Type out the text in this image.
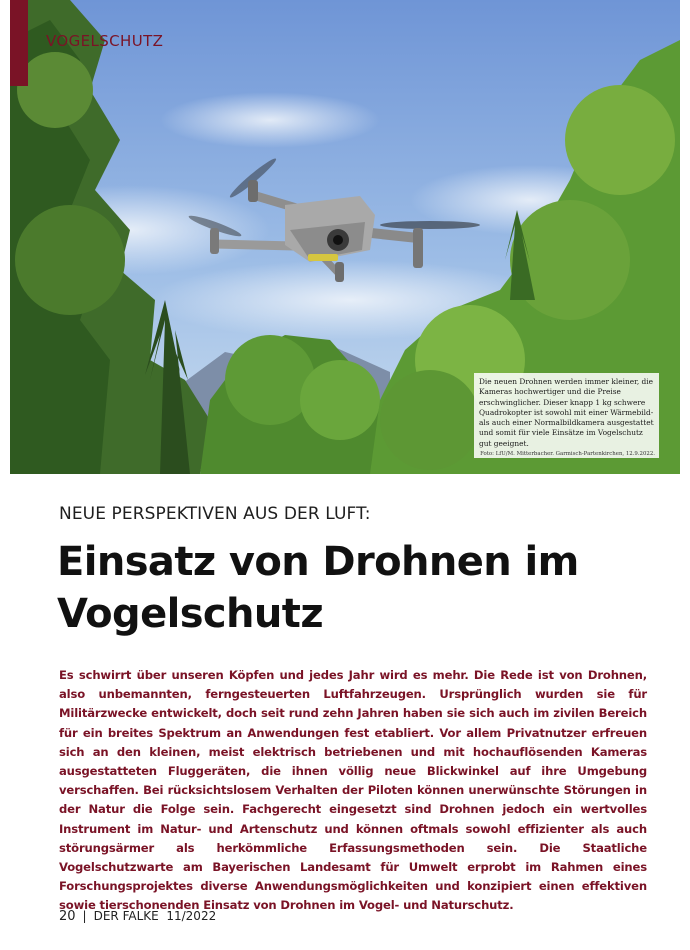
VOGELSCHUTZ
Die neuen Drohnen werden immer kleiner, die Kameras hochwertiger und die Preise erschwinglicher. Dieser knapp 1 kg schwere Quadrokopter ist sowohl mit einer Wärmebild- als auch einer Normalbildkamera ausgestattet und somit für viele Einsätze im Vogelschutz gut geeignet.
Foto: LfU/M. Mitterbacher. Garmisch-Partenkirchen, 12.9.2022.
NEUE PERSPEKTIVEN AUS DER LUFT:
Einsatz von Drohnen im Vogelschutz
Es schwirrt über unseren Köpfen und jedes Jahr wird es mehr. Die Rede ist von Drohnen, also unbemannten, ferngesteuerten Luftfahrzeugen. Ursprünglich wurden sie für Militärzwecke entwickelt, doch seit rund zehn Jahren haben sie sich auch im zivilen Bereich für ein breites Spektrum an Anwendungen fest etabliert. Vor allem Privatnutzer erfreuen sich an den kleinen, meist elektrisch betriebenen und mit hochauflösenden Kameras ausgestatteten Fluggeräten, die ihnen völlig neue Blickwinkel auf ihre Umgebung verschaffen. Bei rücksichtslosem Verhalten der Piloten können unerwünschte Störungen in der Natur die Folge sein. Fachgerecht eingesetzt sind Drohnen jedoch ein wertvolles Instrument im Natur- und Artenschutz und können oftmals sowohl effizienter als auch störungsärmer als herkömmliche Erfassungsmethoden sein. Die Staatliche Vogelschutzwarte am Bayerischen Landesamt für Umwelt erprobt im Rahmen eines Forschungsprojektes diverse Anwendungsmöglichkeiten und konzipiert einen effektiven sowie tierschonenden Einsatz von Drohnen im Vogel- und Naturschutz.
20 | DER FALKE 11/2022
